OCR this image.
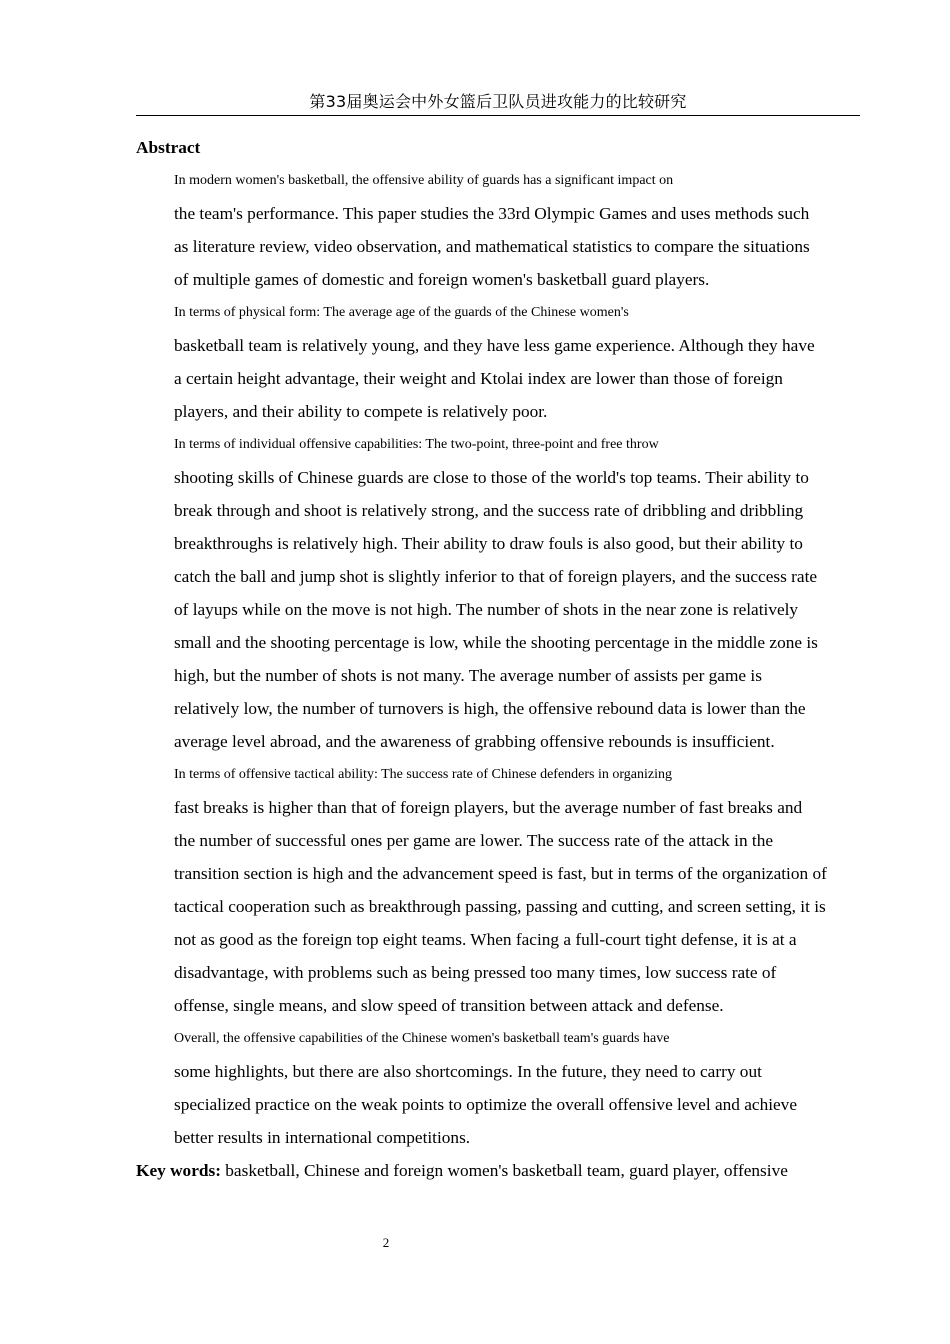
第33届奥运会中外女篮后卫队员进攻能力的比较研究

Abstract

In modern women's basketball, the offensive ability of guards has a significant impact on
the team's performance. This paper studies the 33rd Olympic Games and uses methods such
as literature review, video observation, and mathematical statistics to compare the situations
of multiple games of domestic and foreign women's basketball guard players.

In terms of physical form: The average age of the guards of the Chinese women's
basketball team is relatively young, and they have less game experience. Although they have
a certain height advantage, their weight and Ktolai index are lower than those of foreign
players, and their ability to compete is relatively poor.

In terms of individual offensive capabilities: The two-point, three-point and free throw
shooting skills of Chinese guards are close to those of the world's top teams. Their ability to
break through and shoot is relatively strong, and the success rate of dribbling and dribbling
breakthroughs is relatively high. Their ability to draw fouls is also good, but their ability to
catch the ball and jump shot is slightly inferior to that of foreign players, and the success rate
of layups while on the move is not high. The number of shots in the near zone is relatively
small and the shooting percentage is low, while the shooting percentage in the middle zone is
high, but the number of shots is not many. The average number of assists per game is
relatively low, the number of turnovers is high, the offensive rebound data is lower than the
average level abroad, and the awareness of grabbing offensive rebounds is insufficient.

In terms of offensive tactical ability: The success rate of Chinese defenders in organizing
fast breaks is higher than that of foreign players, but the average number of fast breaks and
the number of successful ones per game are lower. The success rate of the attack in the
transition section is high and the advancement speed is fast, but in terms of the organization of
tactical cooperation such as breakthrough passing, passing and cutting, and screen setting, it is
not as good as the foreign top eight teams. When facing a full-court tight defense, it is at a
disadvantage, with problems such as being pressed too many times, low success rate of
offense, single means, and slow speed of transition between attack and defense.

Overall, the offensive capabilities of the Chinese women's basketball team's guards have
some highlights, but there are also shortcomings. In the future, they need to carry out
specialized practice on the weak points to optimize the overall offensive level and achieve
better results in international competitions.

Key words: basketball, Chinese and foreign women's basketball team, guard player, offensive

2
